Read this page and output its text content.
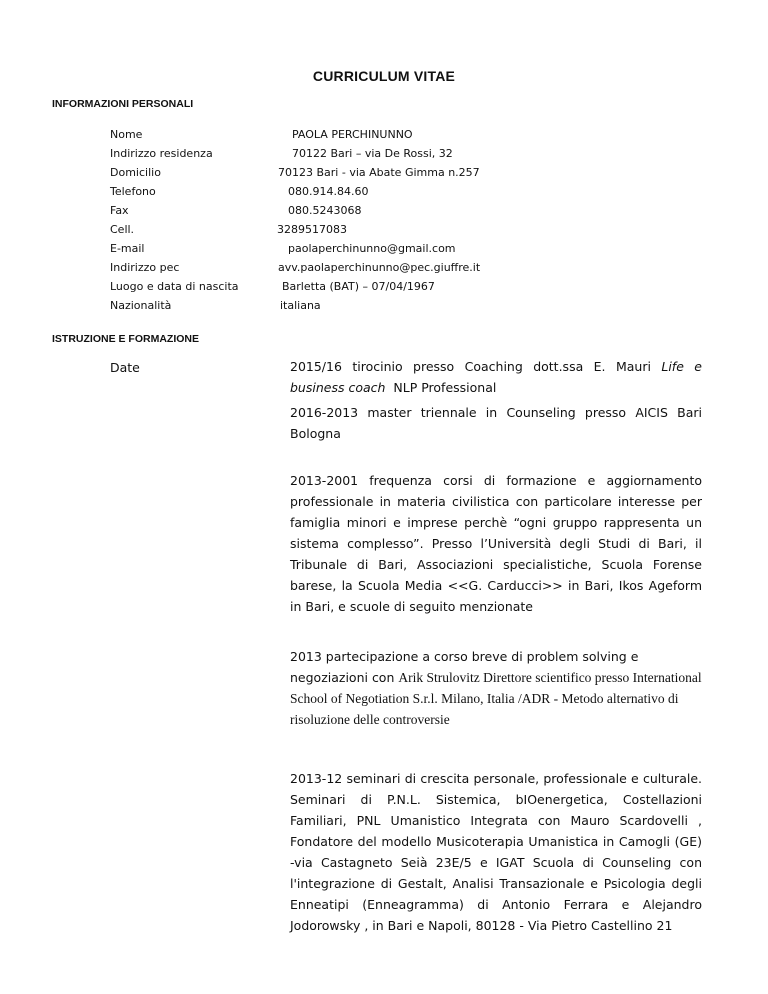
CURRICULUM VITAE
INFORMAZIONI PERSONALI
Nome	PAOLA PERCHINUNNO
Indirizzo residenza	70122 Bari – via De Rossi, 32
Domicilio	70123 Bari - via Abate Gimma n.257
Telefono	080.914.84.60
Fax	080.5243068
Cell.	3289517083
E-mail	paolaperchinunno@gmail.com
Indirizzo pec	avv.paolaperchinunno@pec.giuffre.it
Luogo e data di nascita	Barletta (BAT) – 07/04/1967
Nazionalità	italiana
ISTRUZIONE E FORMAZIONE
Date	2015/16 tirocinio presso Coaching dott.ssa E. Mauri Life e business coach  NLP Professional
2016-2013 master triennale in Counseling presso AICIS Bari Bologna
2013-2001 frequenza corsi di formazione e aggiornamento professionale in materia civilistica con particolare interesse per famiglia minori e imprese perchè “ogni gruppo rappresenta un sistema complesso”. Presso l’Università degli Studi di Bari, il Tribunale di Bari, Associazioni specialistiche, Scuola Forense barese, la Scuola Media <<G. Carducci>> in Bari, Ikos Ageform in Bari, e scuole di seguito menzionate
2013 partecipazione a corso breve di problem solving e negoziazioni con Arik Strulovitz Direttore scientifico presso International School of Negotiation S.r.l. Milano, Italia /ADR - Metodo alternativo di risoluzione delle controversie
2013-12 seminari di crescita personale, professionale e culturale. Seminari di P.N.L. Sistemica, bIOenergetica, Costellazioni Familiari, PNL Umanistico Integrata con Mauro Scardovelli , Fondatore del modello Musicoterapia Umanistica in Camogli (GE) -via Castagneto Seià 23E/5 e IGAT Scuola di Counseling con l'integrazione di Gestalt, Analisi Transazionale e Psicologia degli Enneatipi (Enneagramma) di Antonio Ferrara e Alejandro Jodorowsky , in Bari e Napoli, 80128 - Via Pietro Castellino 21
